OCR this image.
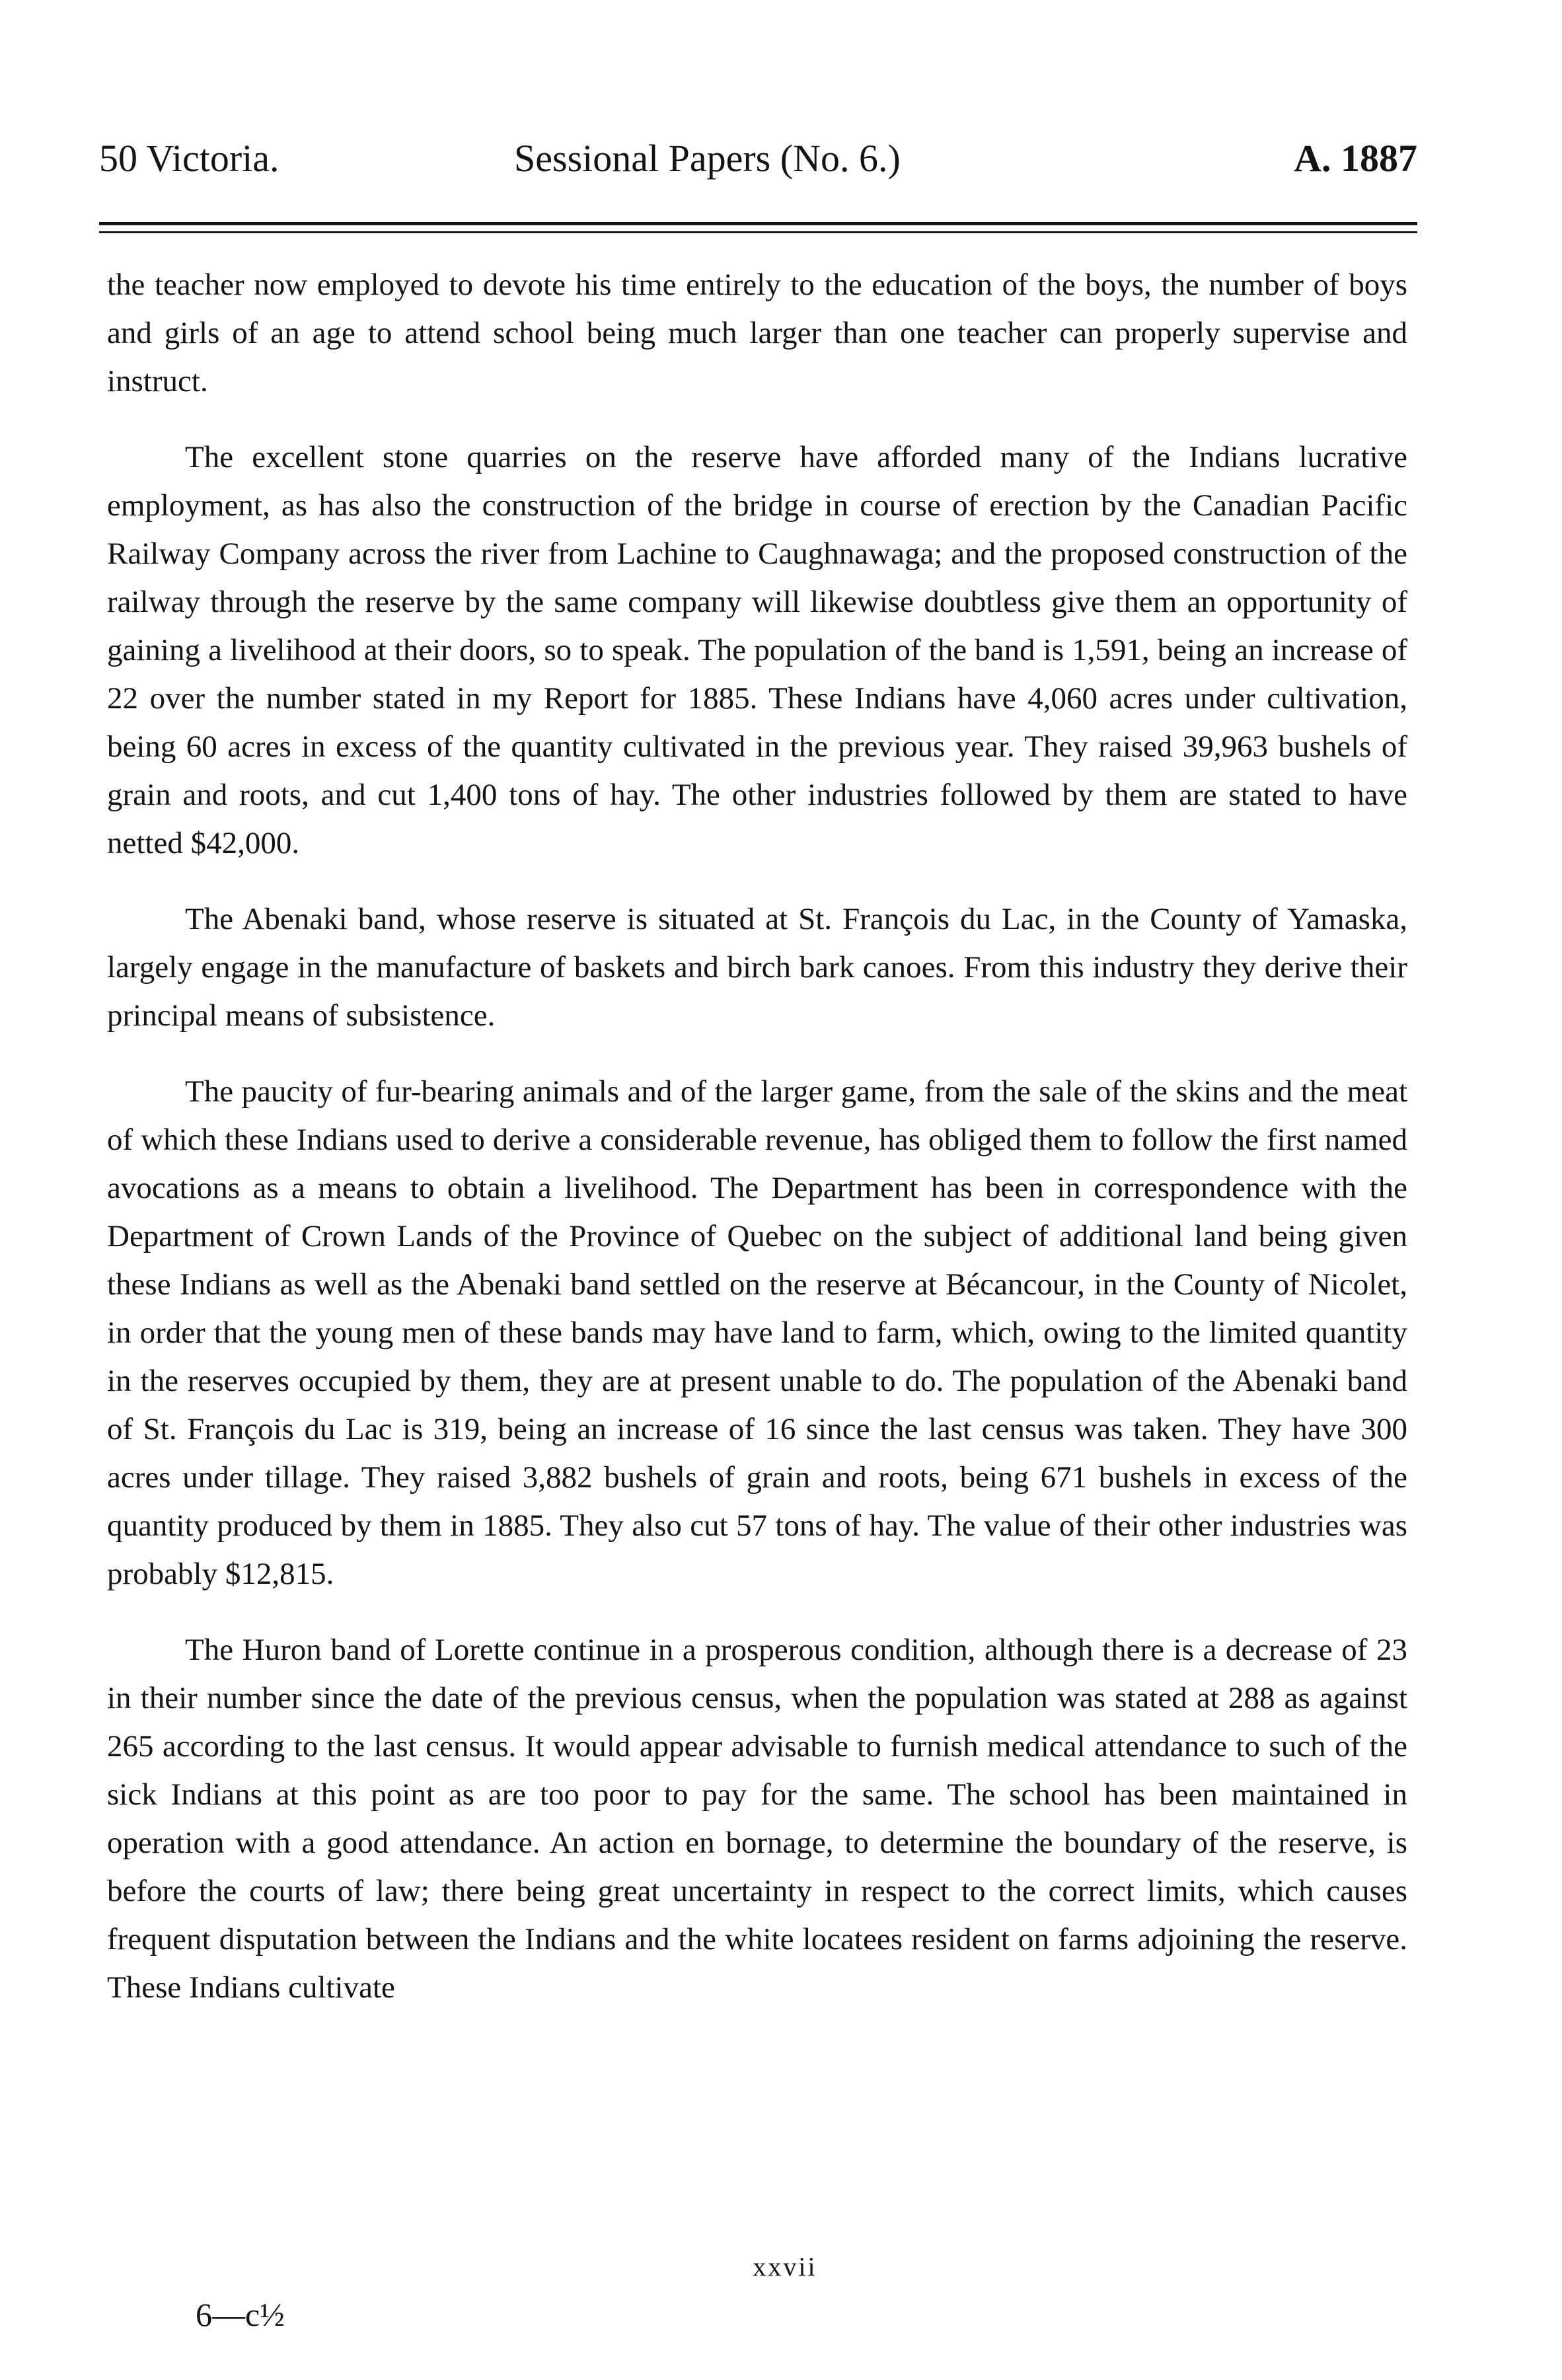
50 Victoria.	Sessional Papers (No. 6.)	A. 1887

the teacher now employed to devote his time entirely to the education of the boys, the number of boys and girls of an age to attend school being much larger than one teacher can properly supervise and instruct.

The excellent stone quarries on the reserve have afforded many of the Indians lucrative employment, as has also the construction of the bridge in course of erection by the Canadian Pacific Railway Company across the river from Lachine to Caughnawaga; and the proposed construction of the railway through the reserve by the same company will likewise doubtless give them an opportunity of gaining a livelihood at their doors, so to speak. The population of the band is 1,591, being an increase of 22 over the number stated in my Report for 1885. These Indians have 4,060 acres under cultivation, being 60 acres in excess of the quantity cultivated in the previous year. They raised 39,963 bushels of grain and roots, and cut 1,400 tons of hay. The other industries followed by them are stated to have netted $42,000.

The Abenaki band, whose reserve is situated at St. François du Lac, in the County of Yamaska, largely engage in the manufacture of baskets and birch bark canoes. From this industry they derive their principal means of subsistence.

The paucity of fur-bearing animals and of the larger game, from the sale of the skins and the meat of which these Indians used to derive a considerable revenue, has obliged them to follow the first named avocations as a means to obtain a livelihood. The Department has been in correspondence with the Department of Crown Lands of the Province of Quebec on the subject of additional land being given these Indians as well as the Abenaki band settled on the reserve at Bécancour, in the County of Nicolet, in order that the young men of these bands may have land to farm, which, owing to the limited quantity in the reserves occupied by them, they are at present unable to do. The population of the Abenaki band of St. François du Lac is 319, being an increase of 16 since the last census was taken. They have 300 acres under tillage. They raised 3,882 bushels of grain and roots, being 671 bushels in excess of the quantity produced by them in 1885. They also cut 57 tons of hay. The value of their other industries was probably $12,815.

The Huron band of Lorette continue in a prosperous condition, although there is a decrease of 23 in their number since the date of the previous census, when the population was stated at 288 as against 265 according to the last census. It would appear advisable to furnish medical attendance to such of the sick Indians at this point as are too poor to pay for the same. The school has been maintained in operation with a good attendance. An action en bornage, to determine the boundary of the reserve, is before the courts of law; there being great uncertainty in respect to the correct limits, which causes frequent disputation between the Indians and the white locatees resident on farms adjoining the reserve. These Indians cultivate

xxvii
6—c½
